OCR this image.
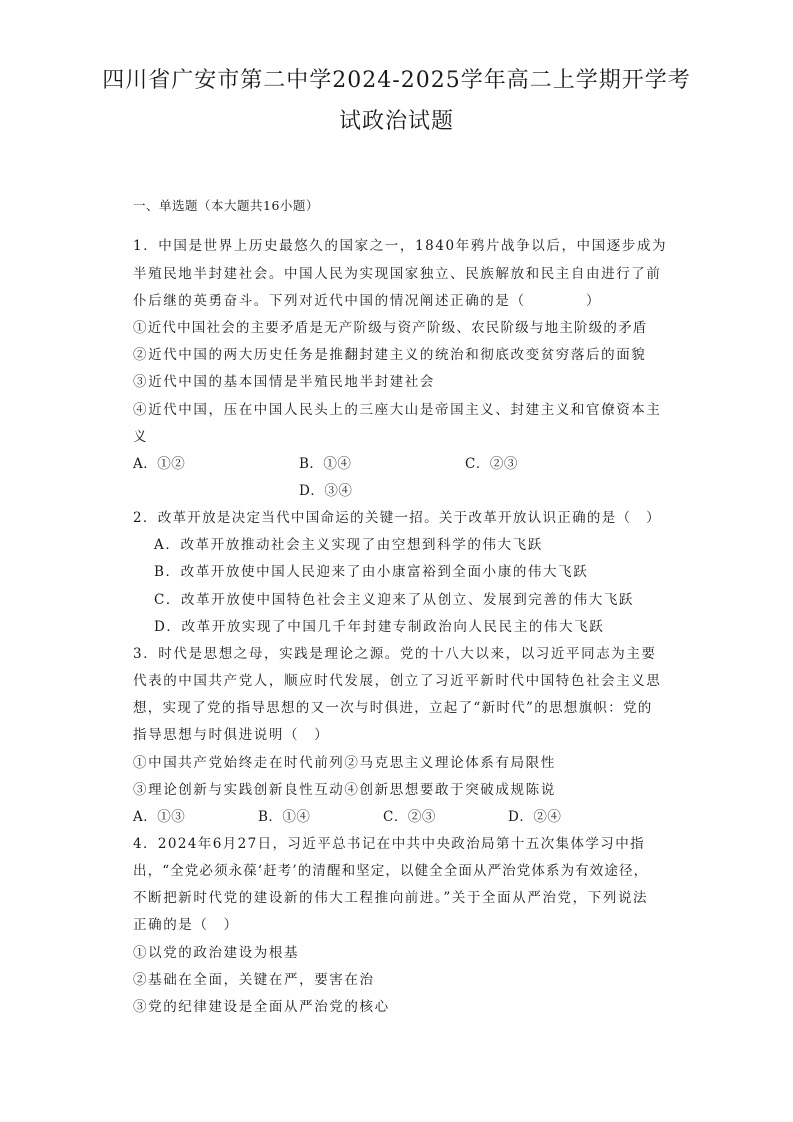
四川省广安市第二中学2024-2025学年高二上学期开学考
试政治试题
一、单选题（本大题共16小题）
1．中国是世界上历史最悠久的国家之一，1840年鸦片战争以后，中国逐步成为
半殖民地半封建社会。中国人民为实现国家独立、民族解放和民主自由进行了前
仆后继的英勇奋斗。下列对近代中国的情况阐述正确的是（　　　　）
①近代中国社会的主要矛盾是无产阶级与资产阶级、农民阶级与地主阶级的矛盾
②近代中国的两大历史任务是推翻封建主义的统治和彻底改变贫穷落后的面貌
③近代中国的基本国情是半殖民地半封建社会
④近代中国，压在中国人民头上的三座大山是帝国主义、封建主义和官僚资本主
义
A．①②	B．①④	C．②③
D．③④
2．改革开放是决定当代中国命运的关键一招。关于改革开放认识正确的是（　）
A．改革开放推动社会主义实现了由空想到科学的伟大飞跃
B．改革开放使中国人民迎来了由小康富裕到全面小康的伟大飞跃
C．改革开放使中国特色社会主义迎来了从创立、发展到完善的伟大飞跃
D．改革开放实现了中国几千年封建专制政治向人民民主的伟大飞跃
3．时代是思想之母，实践是理论之源。党的十八大以来，以习近平同志为主要
代表的中国共产党人，顺应时代发展，创立了习近平新时代中国特色社会主义思
想，实现了党的指导思想的又一次与时俱进，立起了“新时代”的思想旗帜：党的
指导思想与时俱进说明（　）
①中国共产党始终走在时代前列②马克思主义理论体系有局限性
③理论创新与实践创新良性互动④创新思想要敢于突破成规陈说
A．①③	B．①④	C．②③	D．②④
4．2024年6月27日，习近平总书记在中共中央政治局第十五次集体学习中指
出，“全党必须永葆‘赶考’的清醒和坚定，以健全全面从严治党体系为有效途径，
不断把新时代党的建设新的伟大工程推向前进。”关于全面从严治党，下列说法
正确的是（　）
①以党的政治建设为根基
②基础在全面，关键在严，要害在治
③党的纪律建设是全面从严治党的核心
